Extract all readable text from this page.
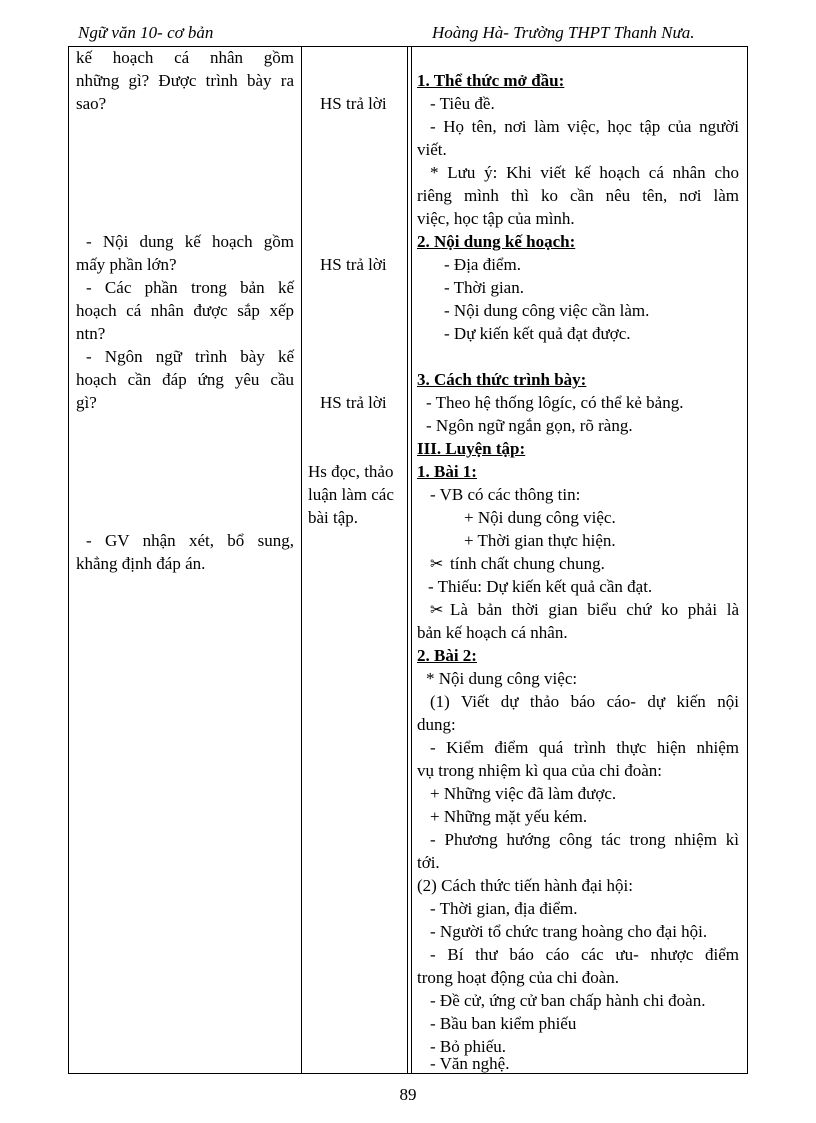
Ngữ văn 10- cơ bản	Hoàng Hà- Trường THPT Thanh Nưa.
kế hoạch cá nhân gồm
những gì? Được trình bày ra
sao?
- Nội dung kế hoạch gồm
mấy phần lớn?
- Các phần trong bản kế
hoạch cá nhân được sắp xếp
ntn?
- Ngôn ngữ trình bày kế
hoạch cần đáp ứng yêu cầu
gì?
- GV nhận xét, bổ sung,
khẳng định đáp án.
HS trả lời
HS trả lời
HS trả lời
Hs đọc, thảo
luận làm các
bài tập.
1. Thể thức mở đầu:
- Tiêu đề.
- Họ tên, nơi làm việc, học tập của người
viết.
* Lưu ý: Khi viết kế hoạch cá nhân cho
riêng mình thì ko cần nêu tên, nơi làm
việc, học tập của mình.
2. Nội dung kế hoạch:
- Địa điểm.
- Thời gian.
- Nội dung công việc cần làm.
- Dự kiến kết quả đạt được.
3. Cách thức trình bày:
- Theo hệ thống lôgíc, có thể kẻ bảng.
- Ngôn ngữ ngắn gọn, rõ ràng.
III. Luyện tập:
1. Bài 1:
- VB có các thông tin:
+ Nội dung công việc.
+ Thời gian thực hiện.
✂ tính chất chung chung.
- Thiếu: Dự kiến kết quả cần đạt.
✂ Là bản thời gian biểu chứ ko phải là
bản kế hoạch cá nhân.
2. Bài 2:
* Nội dung công việc:
(1) Viết dự thảo báo cáo- dự kiến nội
dung:
- Kiểm điểm quá trình thực hiện nhiệm
vụ trong nhiệm kì qua của chi đoàn:
+ Những việc đã làm được.
+ Những mặt yếu kém.
- Phương hướng công tác trong nhiệm kì
tới.
(2) Cách thức tiến hành đại hội:
- Thời gian, địa điểm.
- Người tổ chức trang hoàng cho đại hội.
- Bí thư báo cáo các ưu- nhược điểm
trong hoạt động của chi đoàn.
- Đề cử, ứng cử ban chấp hành chi đoàn.
- Bầu ban kiểm phiếu
- Bỏ phiếu.
- Văn nghệ.
89
